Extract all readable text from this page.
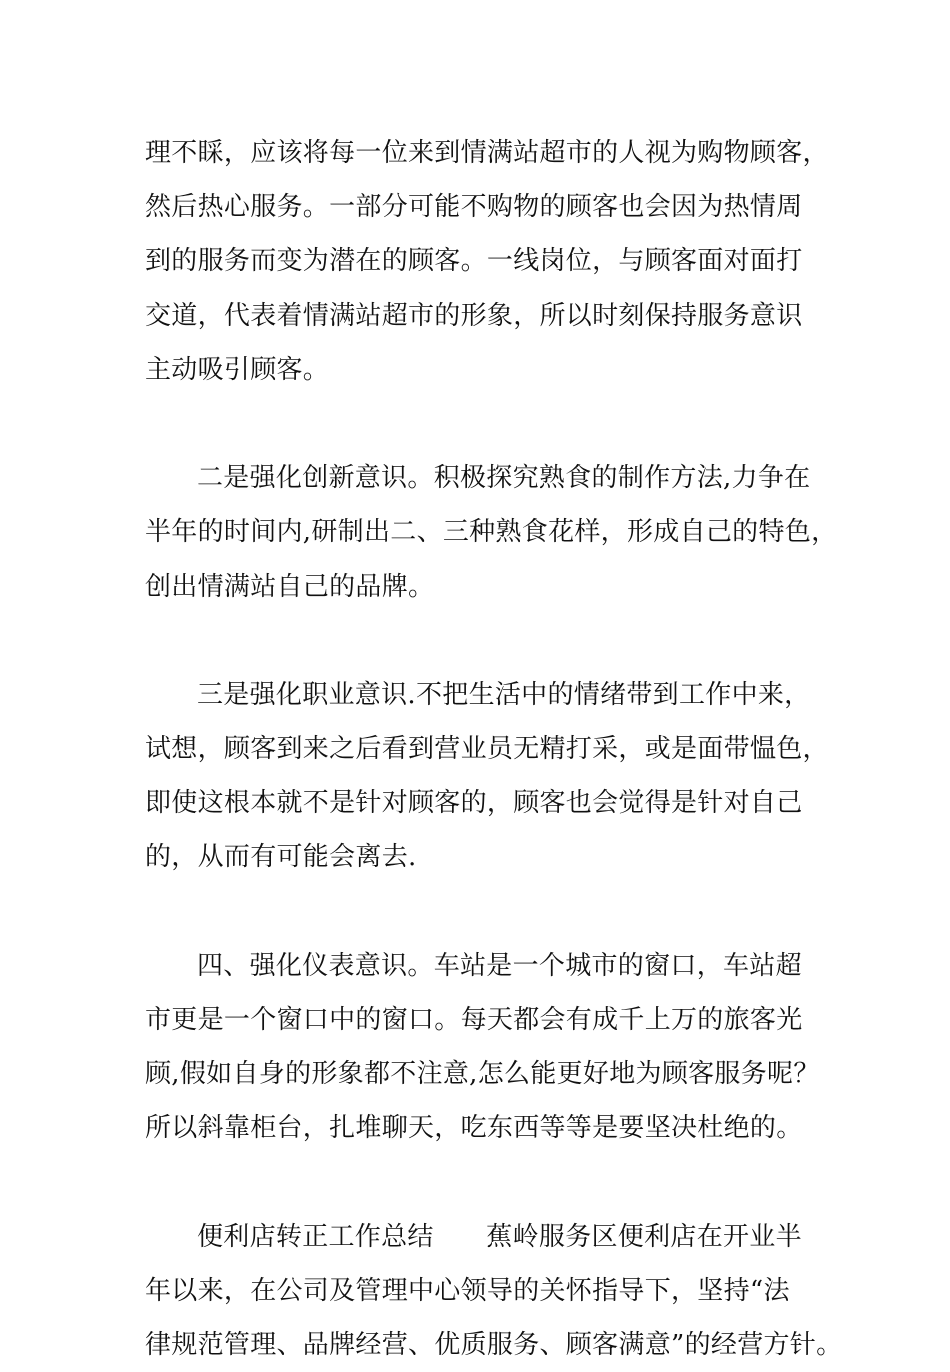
理不睬，应该将每一位来到情满站超市的人视为购物顾客，
然后热心服务。一部分可能不购物的顾客也会因为热情周
到的服务而变为潜在的顾客。一线岗位，与顾客面对面打
交道，代表着情满站超市的形象，所以时刻保持服务意识
主动吸引顾客。
二是强化创新意识。积极探究熟食的制作方法,力争在
半年的时间内,研制出二、三种熟食花样，形成自己的特色，
创出情满站自己的品牌。
三是强化职业意识.不把生活中的情绪带到工作中来，
试想，顾客到来之后看到营业员无精打采，或是面带愠色，
即使这根本就不是针对顾客的，顾客也会觉得是针对自己
的，从而有可能会离去.
四、强化仪表意识。车站是一个城市的窗口，车站超
市更是一个窗口中的窗口。每天都会有成千上万的旅客光
顾,假如自身的形象都不注意,怎么能更好地为顾客服务呢？
所以斜靠柜台，扎堆聊天，吃东西等等是要坚决杜绝的。
便利店转正工作总结　　蕉岭服务区便利店在开业半
年以来，在公司及管理中心领导的关怀指导下，坚持“法
律规范管理、品牌经营、优质服务、顾客满意”的经营方针。
